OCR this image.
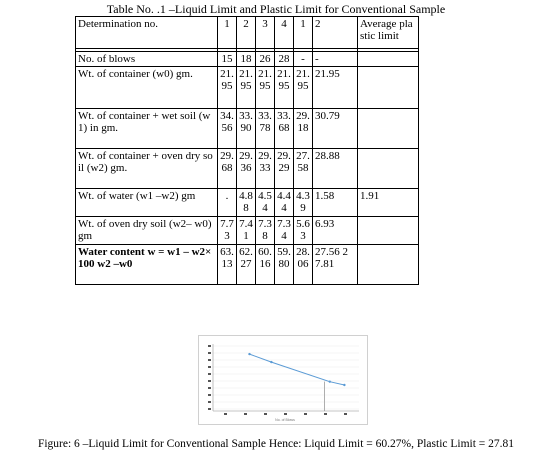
Table No. .1 –Liquid Limit and Plastic Limit for Conventional Sample
Determination no.	1	2	3	4	1	2	Average plastic limit

No. of blows	15	18	26	28	-	-	
Wt. of container (w0) gm.	21.95	21.95	21.95	21.95	21.95	21.95	
Wt. of container + wet soil (w1) in gm.	34.56	33.90	33.78	33.68	29.18	30.79	
Wt. of container + oven dry soil (w2) gm.	29.68	29.36	29.33	29.29	27.58	28.88	
Wt. of water (w1 –w2) gm	.	4.88	4.54	4.44	4.39	1.58	1.91
Wt. of oven dry soil (w2– w0) gm	7.73	7.41	7.38	7.34	5.63	6.93	
Water content w = w1 – w2× 100 w2 –w0	63.13	62.27	60.16	59.80	28.06	27.56 27.81	
No. of Blows
Figure: 6 –Liquid Limit for Conventional Sample Hence: Liquid Limit = 60.27%, Plastic Limit = 27.81
